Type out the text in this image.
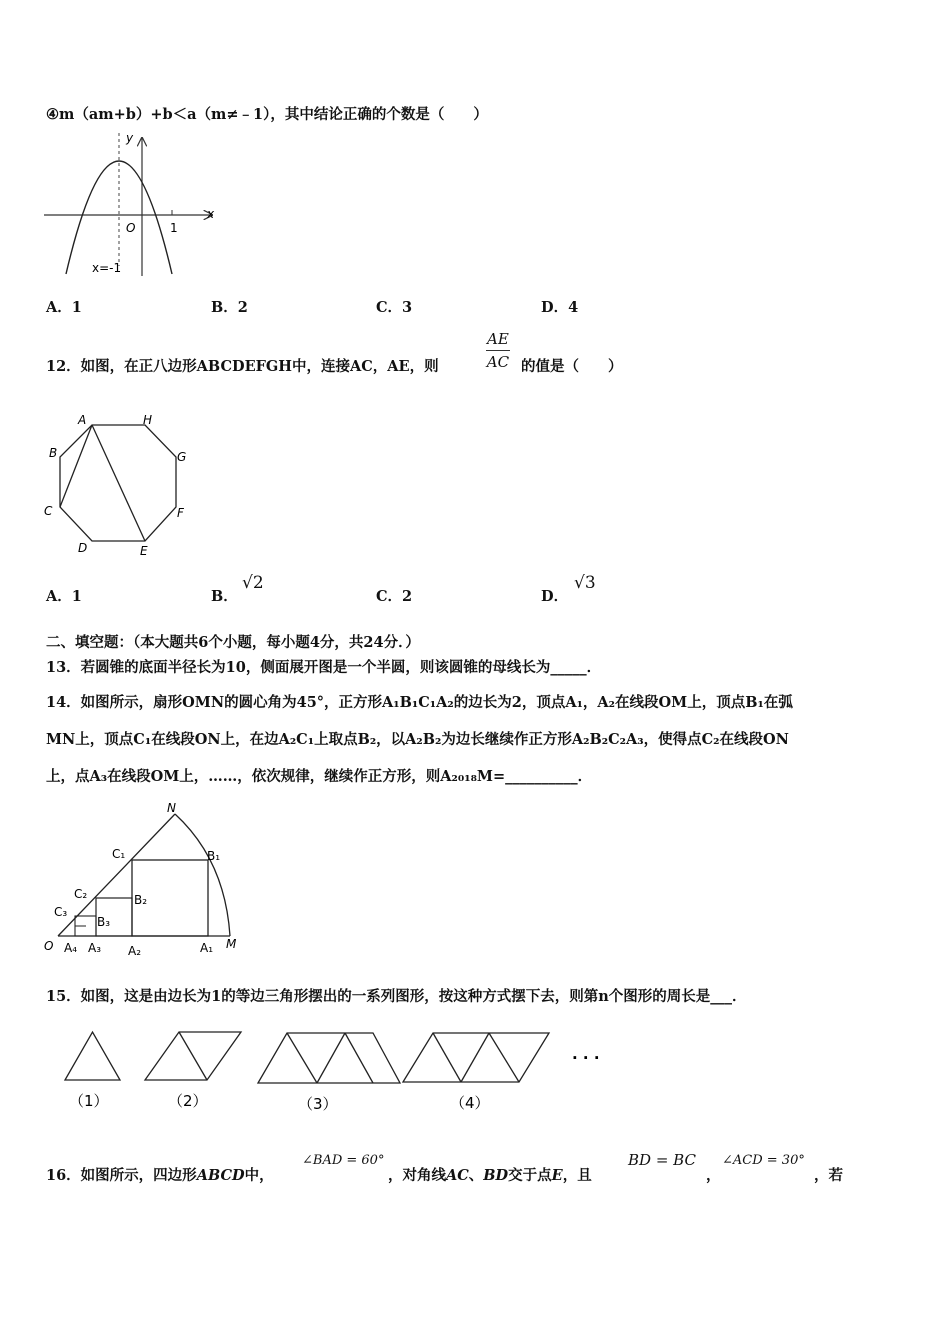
④m（am+b）+b＜a（m≠﹣1），其中结论正确的个数是（　　）
y
x
O	1
x=-1
A．1	B．2	C．3	D．4
12．如图，在正八边形ABCDEFGH中，连接AC，AE，则	$\frac{AE}{AC}$ 的值是（　　）
A	H
B	G
C	F
D	E
A．1	B．
√2
C．2	D．
√3
二、填空题：（本大题共6个小题，每小题4分，共24分．）
13．若圆锥的底面半径长为10，侧面展开图是一个半圆，则该圆锥的母线长为_____．
14．如图所示，扇形OMN的圆心角为45°，正方形A₁B₁C₁A₂的边长为2，顶点A₁，A₂在线段OM上，顶点B₁在弧
MN上，顶点C₁在线段ON上，在边A₂C₁上取点B₂，以A₂B₂为边长继续作正方形A₂B₂C₂A₃，使得点C₂在线段ON
上，点A₃在线段OM上，……，依次规律，继续作正方形，则A₂₀₁₈M=__________．
N
C₁	B₁
C₂	B₂
C₃
B₃
O A₄ A₃ A₂	A₁ M
15．如图，这是由边长为1的等边三角形摆出的一系列图形，按这种方式摆下去，则第n个图形的周长是___．
（1）	（2）	（3）	（4）
· · ·
16．如图所示，四边形ABCD中，
∠BAD = 60°
，对角线AC、BD交于点E，且
BD = BC
，
∠ACD = 30°
，若
